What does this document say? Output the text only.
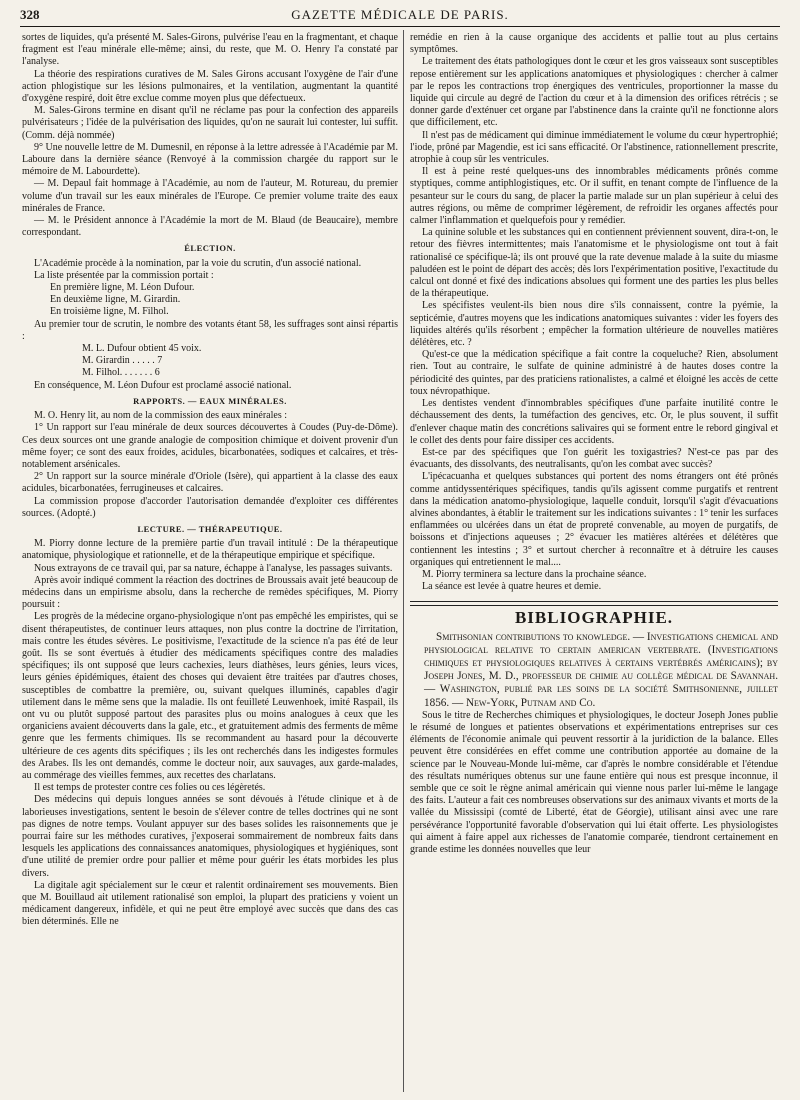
328	GAZETTE MÉDICALE DE PARIS.

sortes de liquides, qu'a présenté M. Sales-Girons, pulvérise l'eau en la fragmentant, et chaque fragment est l'eau minérale elle-même; ainsi, du reste, que M. O. Henry l'a constaté par l'analyse.

La théorie des respirations curatives de M. Sales Girons accusant l'oxygène de l'air d'une action phlogistique sur les lésions pulmonaires, et la ventilation, augmentant la quantité d'oxygène respiré, doit être exclue comme moyen plus que défectueux.

M. Sales-Girons termine en disant qu'il ne réclame pas pour la confection des appareils pulvérisateurs ; l'idée de la pulvérisation des liquides, qu'on ne saurait lui contester, lui suffit. (Comm. déjà nommée)

9° Une nouvelle lettre de M. Dumesnil, en réponse à la lettre adressée à l'Académie par M. Laboure dans la dernière séance (Renvoyé à la commission chargée du rapport sur le mémoire de M. Labourdette).

— M. Depaul fait hommage à l'Académie, au nom de l'auteur, M. Rotureau, du premier volume d'un travail sur les eaux minérales de l'Europe. Ce premier volume traite des eaux minérales de France.

— M. le Président annonce à l'Académie la mort de M. Blaud (de Beaucaire), membre correspondant.

ÉLECTION.

L'Académie procède à la nomination, par la voie du scrutin, d'un associé national.

La liste présentée par la commission portait :

En première ligne, M. Léon Dufour.

En deuxième ligne, M. Girardin.

En troisième ligne, M. Filhol.

Au premier tour de scrutin, le nombre des votants étant 58, les suffrages sont ainsi répartis :

M. L. Dufour obtient 45 voix.

M. Girardin . . . . . 7

M. Filhol. . . . . . . 6

En conséquence, M. Léon Dufour est proclamé associé national.

RAPPORTS. — EAUX MINÉRALES.

M. O. Henry lit, au nom de la commission des eaux minérales :

1° Un rapport sur l'eau minérale de deux sources découvertes à Coudes (Puy-de-Dôme). Ces deux sources ont une grande analogie de composition chimique et doivent provenir d'un même foyer; ce sont des eaux froides, acidules, bicarbonatées, sodiques et calcaires, et très-notablement arsénicales.

2° Un rapport sur la source minérale d'Oriole (Isère), qui appartient à la classe des eaux acidules, bicarbonatées, ferrugineuses et calcaires.

La commission propose d'accorder l'autorisation demandée d'exploiter ces différentes sources. (Adopté.)

LECTURE. — THÉRAPEUTIQUE.

M. Piorry donne lecture de la première partie d'un travail intitulé : De la thérapeutique anatomique, physiologique et rationnelle, et de la thérapeutique empirique et spécifique.

Nous extrayons de ce travail qui, par sa nature, échappe à l'analyse, les passages suivants.

Après avoir indiqué comment la réaction des doctrines de Broussais avait jeté beaucoup de médecins dans un empirisme absolu, dans la recherche de remèdes spécifiques, M. Piorry poursuit :

Les progrès de la médecine organo-physiologique n'ont pas empêché les empiristes, qui se disent thérapeutistes, de continuer leurs attaques, non plus contre la doctrine de l'irritation, mais contre les études sévères. Le positivisme, l'exactitude de la science n'a pas été de leur goût. Ils se sont évertués à étudier des médicaments spécifiques contre des maladies spécifiques; ils ont supposé que leurs cachexies, leurs diathèses, leurs génies, leurs vices, leurs génies épidémiques, étaient des choses qui devaient être traitées par d'autres choses, susceptibles de combattre la première, ou, suivant quelques illuminés, capables d'agir utilement dans le même sens que la maladie. Ils ont feuilleté Leuwenhoek, imité Raspail, ils ont vu ou plutôt supposé partout des parasites plus ou moins analogues à ceux que les organiciens avaient découverts dans la gale, etc., et gratuitement admis des ferments de même genre que les ferments chimiques. Ils se recommandent au hasard pour la découverte ultérieure de ces agents dits spécifiques ; ils les ont recherchés dans les indigestes formules des Arabes. Ils les ont demandés, comme le docteur noir, aux sauvages, aux garde-malades, au commérage des vieilles femmes, aux recettes des charlatans.

Il est temps de protester contre ces folies ou ces légèretés.

Des médecins qui depuis longues années se sont dévoués à l'étude clinique et à de laborieuses investigations, sentent le besoin de s'élever contre de telles doctrines qui ne sont pas dignes de notre temps. Voulant appuyer sur des bases solides les raisonnements que je pourrai faire sur les méthodes curatives, j'exposerai sommairement de nombreux faits dans lesquels les applications des connaissances anatomiques, physiologiques et hygiéniques, sont d'une utilité de premier ordre pour pallier et même pour guérir les états morbides les plus divers.

La digitale agit spécialement sur le cœur et ralentit ordinairement ses mouvements. Bien que M. Bouillaud ait utilement rationalisé son emploi, la plupart des praticiens y voient un médicament dangereux, infidèle, et qui ne peut être employé avec succès que dans des cas bien déterminés. Elle ne

remédie en rien à la cause organique des accidents et pallie tout au plus certains symptômes.

Le traitement des états pathologiques dont le cœur et les gros vaisseaux sont susceptibles repose entièrement sur les applications anatomiques et physiologiques : chercher à calmer par le repos les contractions trop énergiques des ventricules, proportionner la masse du liquide qui circule au degré de l'action du cœur et à la dimension des orifices rétrécis ; se donner garde d'exténuer cet organe par l'abstinence dans la crainte qu'il ne fonctionne alors que difficilement, etc.

Il n'est pas de médicament qui diminue immédiatement le volume du cœur hypertrophié; l'iode, prôné par Magendie, est ici sans efficacité. Or l'abstinence, rationnellement prescrite, atrophie à coup sûr les ventricules.

Il est à peine resté quelques-uns des innombrables médicaments prônés comme styptiques, comme antiphlogistiques, etc. Or il suffit, en tenant compte de l'influence de la pesanteur sur le cours du sang, de placer la partie malade sur un plan supérieur à celui des autres régions, ou même de comprimer légèrement, de refroidir les organes affectés pour calmer l'inflammation et quelquefois pour y remédier.

La quinine soluble et les substances qui en contiennent préviennent souvent, dira-t-on, le retour des fièvres intermittentes; mais l'anatomisme et le physiologisme ont tout à fait rationalisé ce spécifique-là; ils ont prouvé que la rate devenue malade à la suite du miasme paludéen est le point de départ des accès; dès lors l'expérimentation positive, l'exactitude du calcul ont donné et fixé des indications absolues qui forment une des parties les plus belles de la thérapeutique.

Les spécifistes veulent-ils bien nous dire s'ils connaissent, contre la pyémie, la septicémie, d'autres moyens que les indications anatomiques suivantes : vider les foyers des liquides altérés qu'ils résorbent ; empêcher la formation ultérieure de nouvelles matières délétères, etc. ?

Qu'est-ce que la médication spécifique a fait contre la coqueluche? Rien, absolument rien. Tout au contraire, le sulfate de quinine administré à de hautes doses contre la périodicité des quintes, par des praticiens rationalistes, a calmé et éloigné les accès de cette toux névropathique.

Les dentistes vendent d'innombrables spécifiques d'une parfaite inutilité contre le déchaussement des dents, la tuméfaction des gencives, etc. Or, le plus souvent, il suffit d'enlever chaque matin des concrétions salivaires qui se forment entre le rebord gingival et le collet des dents pour faire dissiper ces accidents.

Est-ce par des spécifiques que l'on guérit les toxigastries? N'est-ce pas par des évacuants, des dissolvants, des neutralisants, qu'on les combat avec succès?

L'ipécacuanha et quelques substances qui portent des noms étrangers ont été prônés comme antidyssentériques spécifiques, tandis qu'ils agissent comme purgatifs et rentrent dans la médication anatomo-physiologique, laquelle conduit, lorsqu'il s'agit d'évacuations alvines abondantes, à établir le traitement sur les indications suivantes : 1° tenir les surfaces enflammées ou ulcérées dans un état de propreté convenable, au moyen de purgatifs, de boissons et d'injections aqueuses ; 2° évacuer les matières altérées et délétères que contiennent les intestins ; 3° et surtout chercher à reconnaître et à détruire les causes organiques qui entretiennent le mal....

M. Piorry terminera sa lecture dans la prochaine séance.

La séance est levée à quatre heures et demie.

BIBLIOGRAPHIE.

Smithsonian contributions to knowledge. — Investigations chemical and physiological relative to certain american vertebrate. (Investigations chimiques et physiologiques relatives à certains vertébrés américains); by Joseph Jones, M. D., professeur de chimie au collège médical de Savannah. — Washington, publié par les soins de la société Smithsonienne, juillet 1856. — New-York, Putnam and Co.

Sous le titre de Recherches chimiques et physiologiques, le docteur Joseph Jones publie le résumé de longues et patientes observations et expérimentations entreprises sur ces éléments de l'économie animale qui peuvent ressortir à la juridiction de la balance. Elles peuvent être considérées en effet comme une contribution apportée au domaine de la science par le Nouveau-Monde lui-même, car d'après le nombre considérable et l'étendue des résultats numériques obtenus sur une faune entière qui nous est presque inconnue, il semble que ce soit le règne animal américain qui vienne nous parler lui-même le langage des faits. L'auteur a fait ces nombreuses observations sur des animaux vivants et morts de la vallée du Mississipi (comté de Liberté, état de Géorgie), utilisant ainsi avec une rare persévérance l'opportunité favorable d'observation qui lui était offerte. Les physiologistes qui aiment à faire appel aux richesses de l'anatomie comparée, tiendront certainement en grande estime les données nouvelles que leur
